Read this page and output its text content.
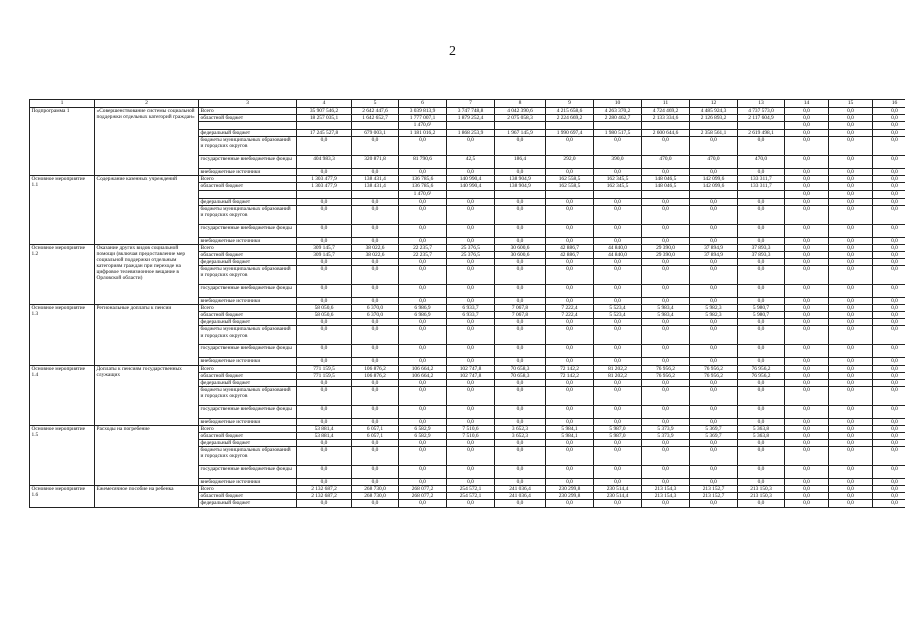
2
1	2	3	4	5	6	7	8	9	10	11	12	13	14	15	16
Подпрограмма 1	«Совершенствование системы социальной поддержки отдельных категорий граждан»	Всего	35 907 546,2	2 642 447,6	3 039 813,9	3 747 748,8	4 042 390,6	4 215 658,6	4 263 370,2	4 724 469,2	4 485 924,3	4 737 573,0	0,0	0,0	0,0
		областной бюджет	18 257 035,1	1 642 652,7	1 777 007,1	1 879 252,4	2 075 058,3	2 224 669,2	2 280 462,7	2 133 334,6	2 126 893,2	2 117 604,9	0,0	0,0	0,0
					1 470,6¹								0,0	0,0	0,0
		федеральный бюджет	17 245 527,8	679 003,1	1 181 016,2	1 868 253,9	1 967 145,9	1 990 697,4	1 980 517,5	2 600 644,6	2 358 561,1	2 619 498,1	0,0	0,0	0,0
		бюджеты муниципальных образований и городских округов	0,0	0,0	0,0	0,0	0,0	0,0	0,0	0,0	0,0	0,0	0,0	0,0	0,0
		государственные внебюджетные фонды	404 983,3	320 871,8	81 790,6	42,5	186,4	292,0	390,0	470,0	470,0	470,0	0,0	0,0	0,0
		внебюджетные источники	0,0	0,0	0,0	0,0	0,0	0,0	0,0	0,0	0,0	0,0	0,0	0,0	0,0
Основное мероприятие 1.1	Содержание казенных учреждений	Всего	1 303 477,9	138 431,4	136 785,6	140 990,4	138 904,9	162 558,5	162 345,5	148 046,5	142 099,6	133 311,7	0,0	0,0	0,0
		областной бюджет	1 303 477,9	138 431,4	136 785,6	140 990,4	138 904,9	162 558,5	162 345,5	148 046,5	142 099,6	133 311,7	0,0	0,0	0,0
					1 470,6¹								0,0	0,0	0,0
		федеральный бюджет	0,0	0,0	0,0	0,0	0,0	0,0	0,0	0,0	0,0	0,0	0,0	0,0	0,0
		бюджеты муниципальных образований и городских округов	0,0	0,0	0,0	0,0	0,0	0,0	0,0	0,0	0,0	0,0	0,0	0,0	0,0
		государственные внебюджетные фонды	0,0	0,0	0,0	0,0	0,0	0,0	0,0	0,0	0,0	0,0	0,0	0,0	0,0
		внебюджетные источники	0,0	0,0	0,0	0,0	0,0	0,0	0,0	0,0	0,0	0,0	0,0	0,0	0,0
Основное мероприятие 1.2	Оказание других видов социальной помощи (включая предоставление мер социальной поддержки отдельным категориям граждан при переходе на цифровое телевизионное вещание в Орловской области)	Всего	309 145,7	38 022,6	22 235,7	25 376,5	30 600,6	42 886,7	44 840,0	29 390,0	37 894,9	37 893,3	0,0	0,0	0,0
		областной бюджет	309 145,7	38 022,6	22 235,7	25 376,5	30 600,6	42 886,7	44 840,0	29 390,0	37 894,9	37 893,3	0,0	0,0	0,0
		федеральный бюджет	0,0	0,0	0,0	0,0	0,0	0,0	0,0	0,0	0,0	0,0	0,0	0,0	0,0
		бюджеты муниципальных образований и городских округов	0,0	0,0	0,0	0,0	0,0	0,0	0,0	0,0	0,0	0,0	0,0	0,0	0,0
		государственные внебюджетные фонды	0,0	0,0	0,0	0,0	0,0	0,0	0,0	0,0	0,0	0,0	0,0	0,0	0,0
		внебюджетные источники	0,0	0,0	0,0	0,0	0,0	0,0	0,0	0,0	0,0	0,0	0,0	0,0	0,0
Основное мероприятие 1.3	Региональные доплаты к пенсии	Всего	58 050,6	6 370,0	6 986,9	6 933,7	7 067,8	7 222,4	5 523,4	5 983,4	5 982,3	5 980,7	0,0	0,0	0,0
		областной бюджет	58 050,6	6 370,0	6 986,9	6 933,7	7 067,8	7 222,4	5 523,4	5 983,4	5 982,3	5 980,7	0,0	0,0	0,0
		федеральный бюджет	0,0	0,0	0,0	0,0	0,0	0,0	0,0	0,0	0,0	0,0	0,0	0,0	0,0
		бюджеты муниципальных образований и городских округов	0,0	0,0	0,0	0,0	0,0	0,0	0,0	0,0	0,0	0,0	0,0	0,0	0,0
		государственные внебюджетные фонды	0,0	0,0	0,0	0,0	0,0	0,0	0,0	0,0	0,0	0,0	0,0	0,0	0,0
		внебюджетные источники	0,0	0,0	0,0	0,0	0,0	0,0	0,0	0,0	0,0	0,0	0,0	0,0	0,0
Основное мероприятие 1.4	Доплаты к пенсиям государственных служащих	Всего	771 159,5	106 876,2	106 664,2	102 747,8	70 658,3	72 142,2	81 202,2	76 956,2	76 956,2	76 956,2	0,0	0,0	0,0
		областной бюджет	771 159,5	106 876,2	106 664,2	102 747,8	70 658,3	72 142,2	81 202,2	76 956,2	76 956,2	76 956,2	0,0	0,0	0,0
		федеральный бюджет	0,0	0,0	0,0	0,0	0,0	0,0	0,0	0,0	0,0	0,0	0,0	0,0	0,0
		бюджеты муниципальных образований и городских округов	0,0	0,0	0,0	0,0	0,0	0,0	0,0	0,0	0,0	0,0	0,0	0,0	0,0
		государственные внебюджетные фонды	0,0	0,0	0,0	0,0	0,0	0,0	0,0	0,0	0,0	0,0	0,0	0,0	0,0
		внебюджетные источники	0,0	0,0	0,0	0,0	0,0	0,0	0,0	0,0	0,0	0,0	0,0	0,0	0,0
Основное мероприятие 1.5	Расходы на погребение	Всего	53 881,4	6 057,1	6 582,9	7 510,6	3 652,3	5 984,1	5 987,0	5 373,9	5 369,7	5 363,8	0,0	0,0	0,0
		областной бюджет	53 881,4	6 057,1	6 582,9	7 510,6	3 652,3	5 984,1	5 987,0	5 373,9	5 369,7	5 363,8	0,0	0,0	0,0
		федеральный бюджет	0,0	0,0	0,0	0,0	0,0	0,0	0,0	0,0	0,0	0,0	0,0	0,0	0,0
		бюджеты муниципальных образований и городских округов	0,0	0,0	0,0	0,0	0,0	0,0	0,0	0,0	0,0	0,0	0,0	0,0	0,0
		государственные внебюджетные фонды	0,0	0,0	0,0	0,0	0,0	0,0	0,0	0,0	0,0	0,0	0,0	0,0	0,0
		внебюджетные источники	0,0	0,0	0,0	0,0	0,0	0,0	0,0	0,0	0,0	0,0	0,0	0,0	0,0
Основное мероприятие 1.6	Ежемесячное пособие на ребенка	Всего	2 132 687,2	268 730,0	268 077,2	254 572,1	241 036,4	230 299,8	230 514,4	213 154,3	213 152,7	213 150,3	0,0	0,0	0,0
		областной бюджет	2 132 687,2	268 730,0	268 077,2	254 572,1	241 036,4	230 299,8	230 514,4	213 154,3	213 152,7	213 150,3	0,0	0,0	0,0
		федеральный бюджет	0,0	0,0	0,0	0,0	0,0	0,0	0,0	0,0	0,0	0,0	0,0	0,0	0,0
